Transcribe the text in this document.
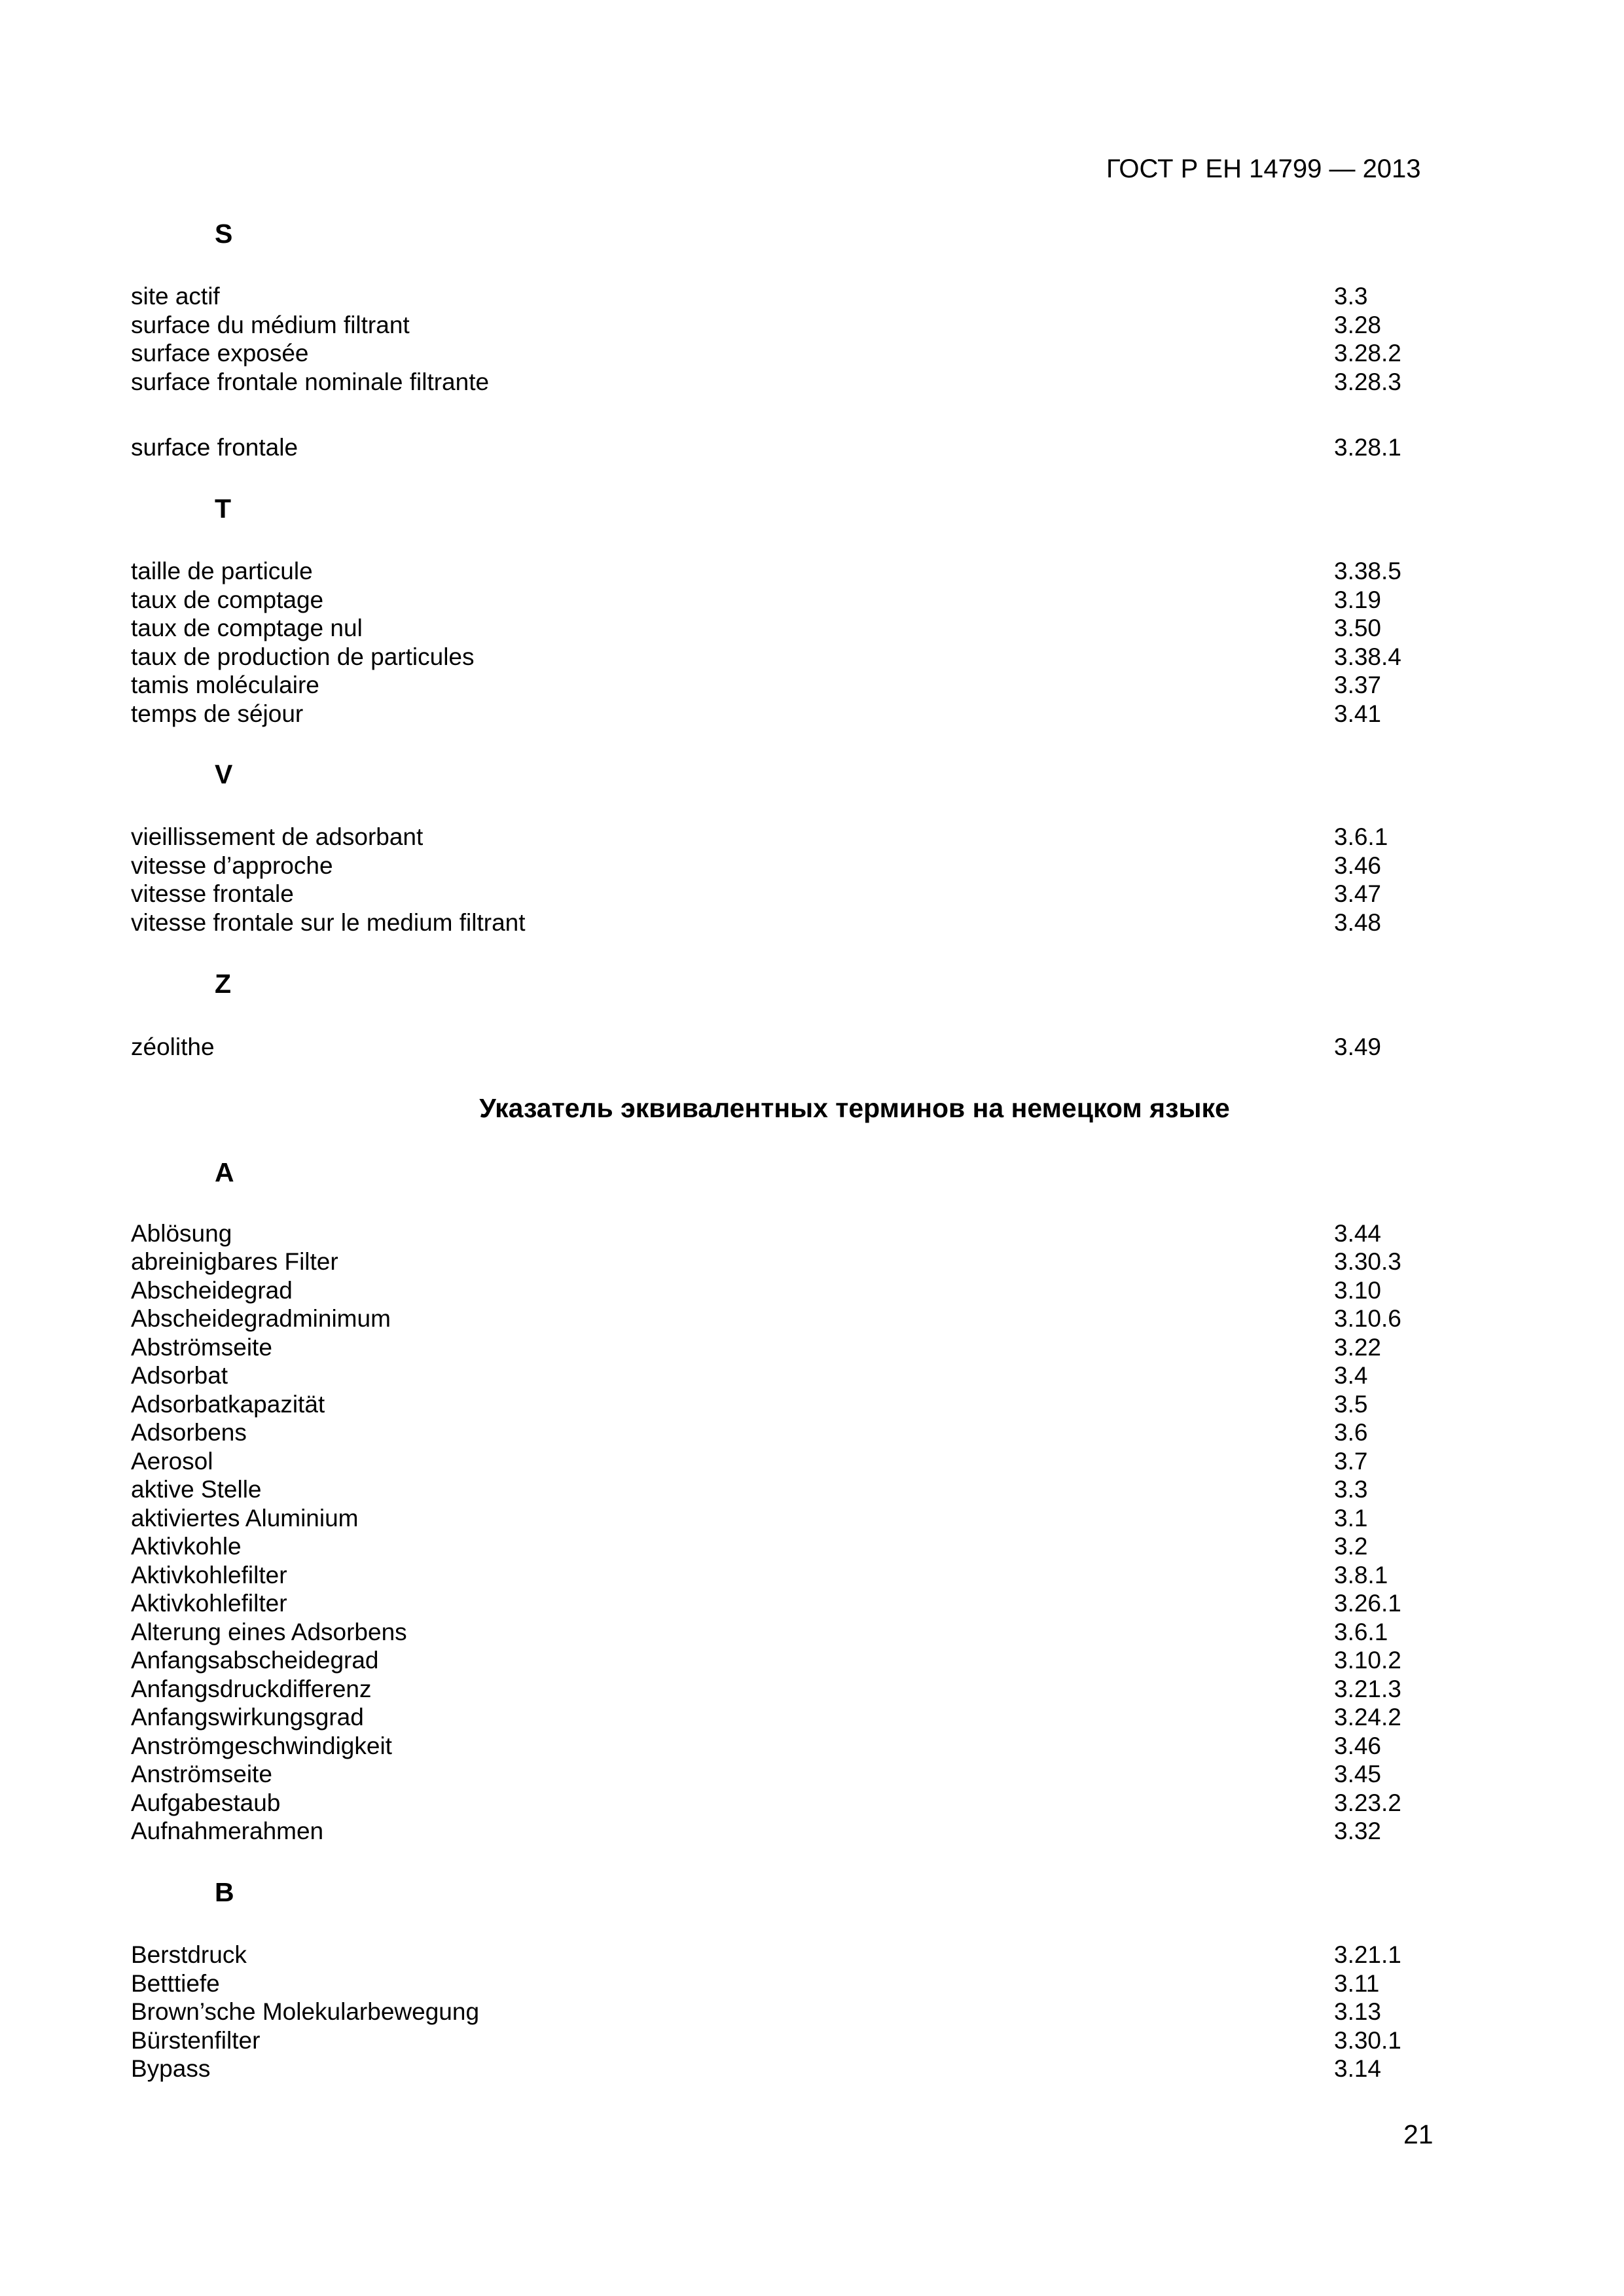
ГОСТ Р ЕН 14799 — 2013
S
site actif	3.3
surface du médium filtrant	3.28
surface exposée	3.28.2
surface frontale nominale filtrante	3.28.3
surface frontale	3.28.1
T
taille de particule	3.38.5
taux de comptage	3.19
taux de comptage nul	3.50
taux de production de particules	3.38.4
tamis moléculaire	3.37
temps de séjour	3.41
V
vieillissement de adsorbant	3.6.1
vitesse d’approche	3.46
vitesse frontale	3.47
vitesse frontale sur le medium filtrant	3.48
Z
zéolithe	3.49
Указатель эквивалентных терминов на немецком языке
A
Ablösung	3.44
abreinigbares Filter	3.30.3
Abscheidegrad	3.10
Abscheidegradminimum	3.10.6
Abströmseite	3.22
Adsorbat	3.4
Adsorbatkapazität	3.5
Adsorbens	3.6
Aerosol	3.7
aktive Stelle	3.3
aktiviertes Aluminium	3.1
Aktivkohle	3.2
Aktivkohlefilter	3.8.1
Aktivkohlefilter	3.26.1
Alterung eines Adsorbens	3.6.1
Anfangsabscheidegrad	3.10.2
Anfangsdruckdifferenz	3.21.3
Anfangswirkungsgrad	3.24.2
Anströmgeschwindigkeit	3.46
Anströmseite	3.45
Aufgabestaub	3.23.2
Aufnahmerahmen	3.32
B
Berstdruck	3.21.1
Betttiefe	3.11
Brown’sche Molekularbewegung	3.13
Bürstenfilter	3.30.1
Bypass	3.14
21
